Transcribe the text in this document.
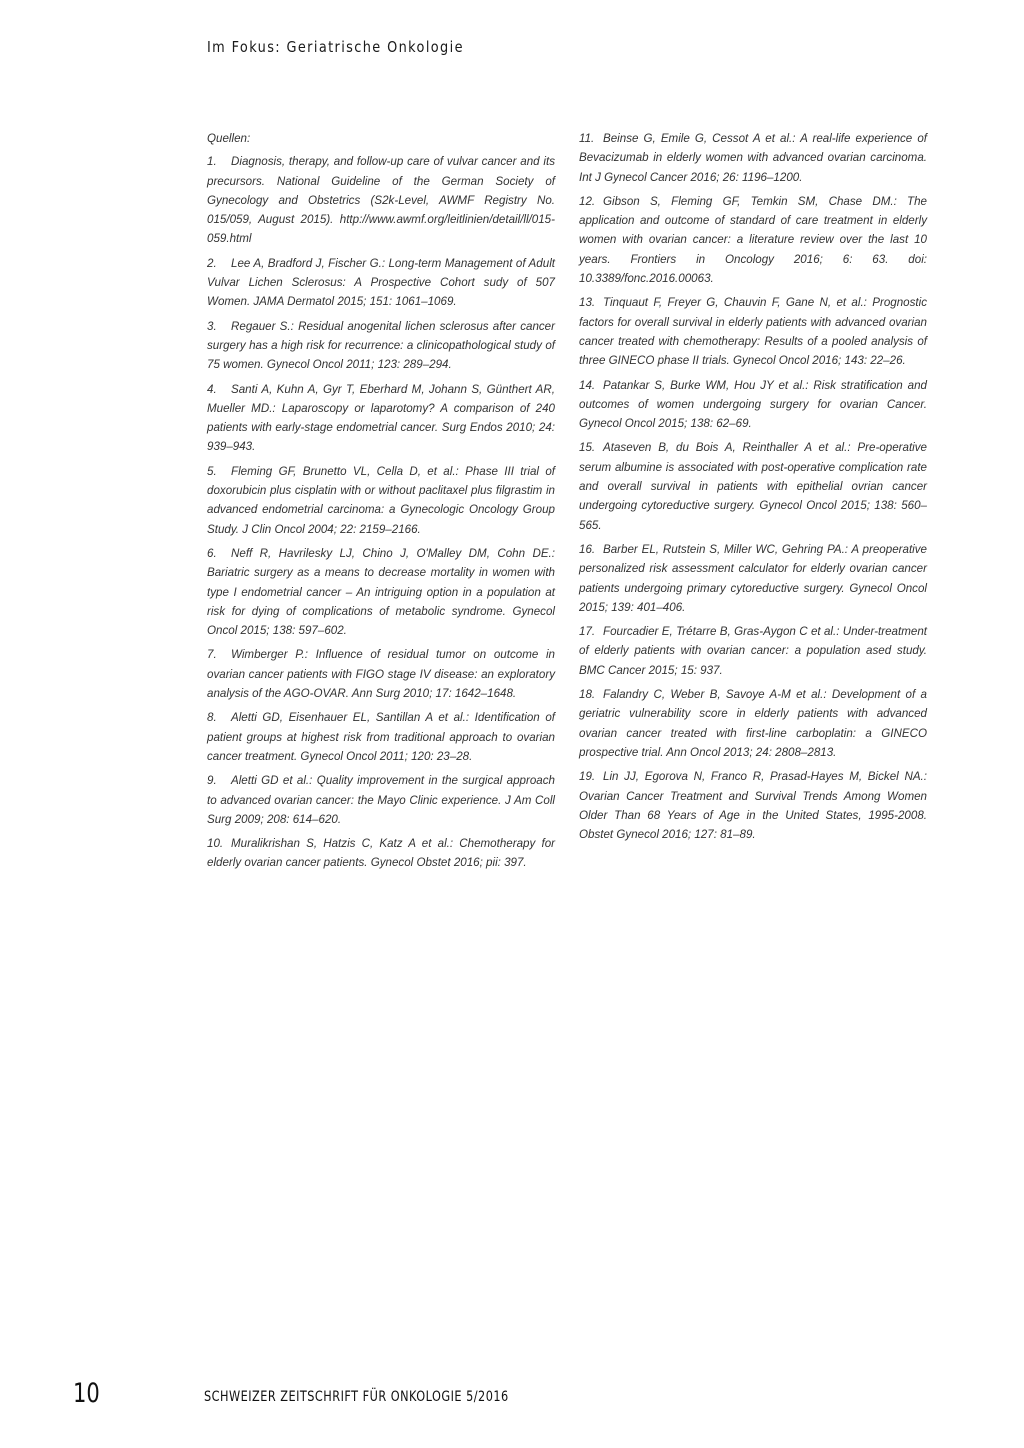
Im Fokus: Geriatrische Onkologie

Quellen:

1. Diagnosis, therapy, and follow-up care of vulvar cancer and its precursors. National Guideline of the German Society of Gynecology and Obstetrics (S2k-Level, AWMF Registry No. 015/059, August 2015). http://www.awmf.org/leitlinien/detail/ll/015-059.html

2. Lee A, Bradford J, Fischer G.: Long-term Management of Adult Vulvar Lichen Sclerosus: A Prospective Cohort sudy of 507 Women. JAMA Dermatol 2015; 151: 1061–1069.

3. Regauer S.: Residual anogenital lichen sclerosus after cancer surgery has a high risk for recurrence: a clinicopathological study of 75 women. Gynecol Oncol 2011; 123: 289–294.

4. Santi A, Kuhn A, Gyr T, Eberhard M, Johann S, Günthert AR, Mueller MD.: Laparoscopy or laparotomy? A comparison of 240 patients with early-stage endometrial cancer. Surg Endos 2010; 24: 939–943.

5. Fleming GF, Brunetto VL, Cella D, et al.: Phase III trial of doxorubicin plus cisplatin with or without paclitaxel plus filgrastim in advanced endometrial carcinoma: a Gynecologic Oncology Group Study. J Clin Oncol 2004; 22: 2159–2166.

6. Neff R, Havrilesky LJ, Chino J, O'Malley DM, Cohn DE.: Bariatric surgery as a means to decrease mortality in women with type I endometrial cancer – An intriguing option in a population at risk for dying of complications of metabolic syndrome. Gynecol Oncol 2015; 138: 597–602.

7. Wimberger P.: Influence of residual tumor on outcome in ovarian cancer patients with FIGO stage IV disease: an exploratory analysis of the AGO-OVAR. Ann Surg 2010; 17: 1642–1648.

8. Aletti GD, Eisenhauer EL, Santillan A et al.: Identification of patient groups at highest risk from traditional approach to ovarian cancer treatment. Gynecol Oncol 2011; 120: 23–28.

9. Aletti GD et al.: Quality improvement in the surgical approach to advanced ovarian cancer: the Mayo Clinic experience. J Am Coll Surg 2009; 208: 614–620.

10. Muralikrishan S, Hatzis C, Katz A et al.: Chemotherapy for elderly ovarian cancer patients. Gynecol Obstet 2016; pii: 397.

11. Beinse G, Emile G, Cessot A et al.: A real-life experience of Bevacizumab in elderly women with advanced ovarian carcinoma. Int J Gynecol Cancer 2016; 26: 1196–1200.

12. Gibson S, Fleming GF, Temkin SM, Chase DM.: The application and outcome of standard of care treatment in elderly women with ovarian cancer: a literature review over the last 10 years. Frontiers in Oncology 2016; 6: 63. doi: 10.3389/fonc.2016.00063.

13. Tinquaut F, Freyer G, Chauvin F, Gane N, et al.: Prognostic factors for overall survival in elderly patients with advanced ovarian cancer treated with chemotherapy: Results of a pooled analysis of three GINECO phase II trials. Gynecol Oncol 2016; 143: 22–26.

14. Patankar S, Burke WM, Hou JY et al.: Risk stratification and outcomes of women undergoing surgery for ovarian Cancer. Gynecol Oncol 2015; 138: 62–69.

15. Ataseven B, du Bois A, Reinthaller A et al.: Pre-operative serum albumine is associated with post-operative complication rate and overall survival in patients with epithelial ovrian cancer undergoing cytoreductive surgery. Gynecol Oncol 2015; 138: 560–565.

16. Barber EL, Rutstein S, Miller WC, Gehring PA.: A preoperative personalized risk assessment calculator for elderly ovarian cancer patients undergoing primary cytoreductive surgery. Gynecol Oncol 2015; 139: 401–406.

17. Fourcadier E, Trétarre B, Gras-Aygon C et al.: Under-treatment of elderly patients with ovarian cancer: a population ased study. BMC Cancer 2015; 15: 937.

18. Falandry C, Weber B, Savoye A-M et al.: Development of a geriatric vulnerability score in elderly patients with advanced ovarian cancer treated with first-line carboplatin: a GINECO prospective trial. Ann Oncol 2013; 24: 2808–2813.

19. Lin JJ, Egorova N, Franco R, Prasad-Hayes M, Bickel NA.: Ovarian Cancer Treatment and Survival Trends Among Women Older Than 68 Years of Age in the United States, 1995-2008. Obstet Gynecol 2016; 127: 81–89.

10	SCHWEIZER ZEITSCHRIFT FÜR ONKOLOGIE 5/2016
